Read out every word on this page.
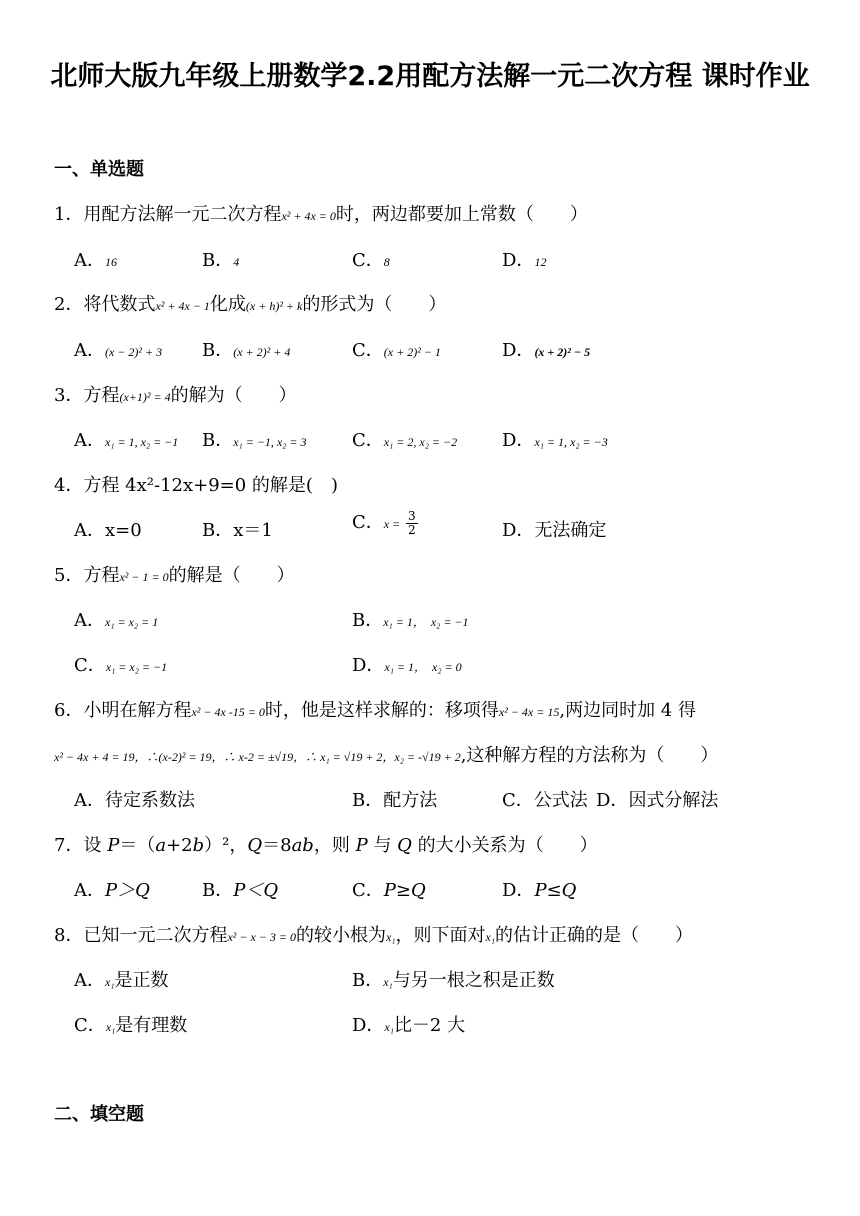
北师大版九年级上册数学2.2用配方法解一元二次方程 课时作业
一、单选题
1．用配方法解一元二次方程x² + 4x = 0时，两边都要加上常数（　　）
A．16	B．4	C．8	D．12
2．将代数式x² + 4x − 1化成(x + h)² + k的形式为（　　）
A．(x − 2)² + 3 B．(x + 2)² + 4	C．(x + 2)² − 1	D．(x + 2)² − 5
3．方程(x+1)² = 4的解为（　　）
A．x₁ = 1, x₂ = −1 B．x₁ = −1, x₂ = 3	C．x₁ = 2, x₂ = −2 D．x₁ = 1, x₂ = −3
4．方程 4x²-12x+9=0 的解是(　)
A．x=0	B．x＝1	C．$x = \frac{3}{2}$	D．无法确定
5．方程x² − 1 = 0的解是（　　）
A．x₁ = x₂ = 1	B．x₁ = 1，　x₂ = −1
C．x₁ = x₂ = −1	D．x₁ = 1，　x₂ = 0
6．小明在解方程x² − 4x -15 = 0时，他是这样求解的：移项得x² − 4x = 15,两边同时加 4 得
x² − 4x + 4 = 19，∴(x-2)² = 19，∴ x-2 = ±√19，∴ x₁ = √19 + 2，x₂ = -√19 + 2,这种解方程的方法称为（　　）
A．待定系数法	B．配方法	C．公式法 D．因式分解法
7．设 P＝（a+2b）²，Q＝8ab，则 P 与 Q 的大小关系为（　　）
A．P＞Q	B．P＜Q	C．P≥Q	D．P≤Q
8．已知一元二次方程x² − x − 3 = 0的较小根为x₁，则下面对x₁的估计正确的是（　　）
A．x₁是正数	B．x₁与另一根之积是正数
C．x₁是有理数	D．x₁比－2 大
二、填空题
